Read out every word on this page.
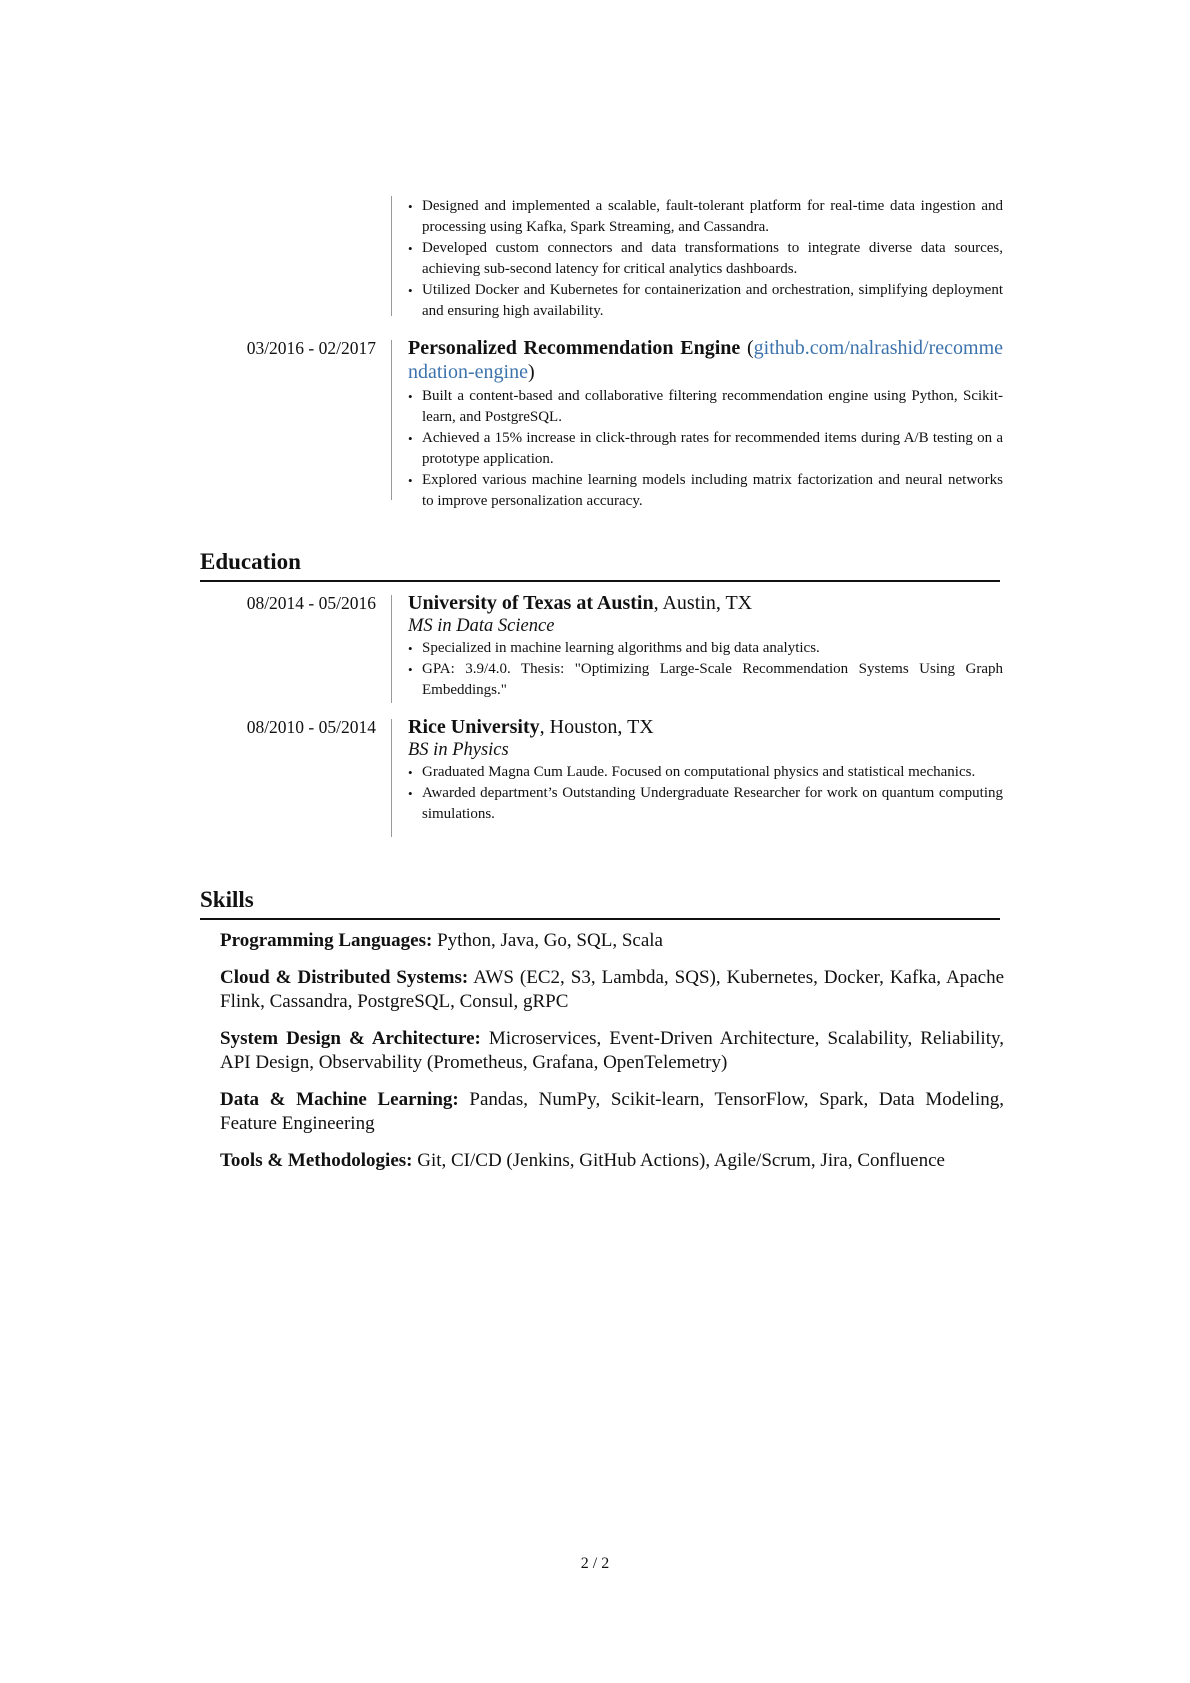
• Designed and implemented a scalable, fault-tolerant platform for real-time data ingestion and processing using Kafka, Spark Streaming, and Cassandra.
• Developed custom connectors and data transformations to integrate diverse data sources, achieving sub-second latency for critical analytics dashboards.
• Utilized Docker and Kubernetes for containerization and orchestration, simplifying deployment and ensuring high availability.
03/2016 - 02/2017 Personalized Recommendation Engine (github.com/nalrashid/recommendation-engine)

• Built a content-based and collaborative filtering recommendation engine using Python, Scikit-learn, and PostgreSQL.
• Achieved a 15% increase in click-through rates for recommended items during A/B testing on a prototype application.
• Explored various machine learning models including matrix factorization and neural networks to improve personalization accuracy.
Education
08/2014 - 05/2016 University of Texas at Austin, Austin, TX

MS in Data Science

• Specialized in machine learning algorithms and big data analytics.
• GPA: 3.9/4.0. Thesis: "Optimizing Large-Scale Recommendation Systems Using Graph Embeddings."
08/2010 - 05/2014 Rice University, Houston, TX

BS in Physics

• Graduated Magna Cum Laude. Focused on computational physics and statistical mechanics.
• Awarded department’s Outstanding Undergraduate Researcher for work on quantum computing simulations.
Skills

Programming Languages: Python, Java, Go, SQL, Scala

Cloud & Distributed Systems: AWS (EC2, S3, Lambda, SQS), Kubernetes, Docker, Kafka, Apache Flink, Cassandra, PostgreSQL, Consul, gRPC

System Design & Architecture: Microservices, Event-Driven Architecture, Scalability, Reliability, API Design, Observability (Prometheus, Grafana, OpenTelemetry)

Data & Machine Learning: Pandas, NumPy, Scikit-learn, TensorFlow, Spark, Data Modeling, Feature Engineering

Tools & Methodologies: Git, CI/CD (Jenkins, GitHub Actions), Agile/Scrum, Jira, Confluence

2 / 2
